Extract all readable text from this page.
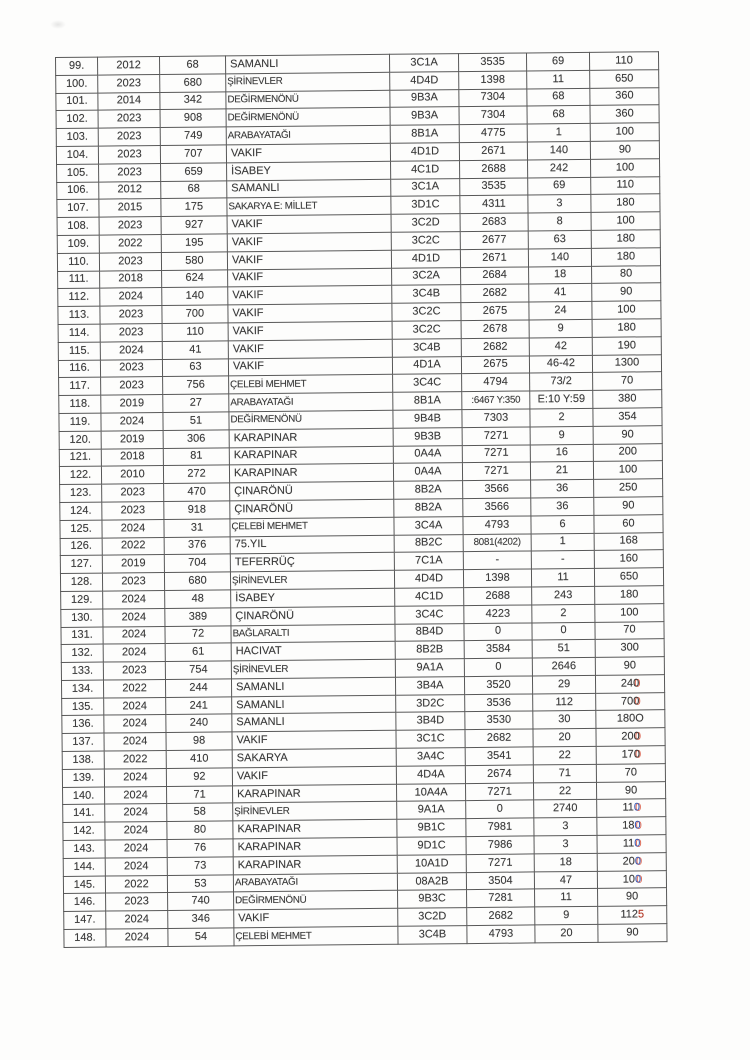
99.	2012	68	SAMANLI	3C1A	3535	69	110
100.	2023	680	ŞİRİNEVLER	4D4D	1398	11	650
101.	2014	342	DEĞİRMENÖNÜ	9B3A	7304	68	360
102.	2023	908	DEĞİRMENÖNÜ	9B3A	7304	68	360
103.	2023	749	ARABAYATAĞI	8B1A	4775	1	100
104.	2023	707	VAKIF	4D1D	2671	140	90
105.	2023	659	İSABEY	4C1D	2688	242	100
106.	2012	68	SAMANLI	3C1A	3535	69	110
107.	2015	175	SAKARYA E: MİLLET	3D1C	4311	3	180
108.	2023	927	VAKIF	3C2D	2683	8	100
109.	2022	195	VAKIF	3C2C	2677	63	180
110.	2023	580	VAKIF	4D1D	2671	140	180
111.	2018	624	VAKIF	3C2A	2684	18	80
112.	2024	140	VAKIF	3C4B	2682	41	90
113.	2023	700	VAKIF	3C2C	2675	24	100
114.	2023	110	VAKIF	3C2C	2678	9	180
115.	2024	41	VAKIF	3C4B	2682	42	190
116.	2023	63	VAKIF	4D1A	2675	46-42	1300
117.	2023	756	ÇELEBİ MEHMET	3C4C	4794	73/2	70
118.	2019	27	ARABAYATAĞI	8B1A	:6467 Y:350	E:10 Y:59	380
119.	2024	51	DEĞİRMENÖNÜ	9B4B	7303	2	354
120.	2019	306	KARAPINAR	9B3B	7271	9	90
121.	2018	81	KARAPINAR	0A4A	7271	16	200
122.	2010	272	KARAPINAR	0A4A	7271	21	100
123.	2023	470	ÇINARÖNÜ	8B2A	3566	36	250
124.	2023	918	ÇINARÖNÜ	8B2A	3566	36	90
125.	2024	31	ÇELEBİ MEHMET	3C4A	4793	6	60
126.	2022	376	75.YIL	8B2C	8081(4202)	1	168
127.	2019	704	TEFERRÜÇ	7C1A	-	-	160
128.	2023	680	ŞİRİNEVLER	4D4D	1398	11	650
129.	2024	48	İSABEY	4C1D	2688	243	180
130.	2024	389	ÇINARÖNÜ	3C4C	4223	2	100
131.	2024	72	BAĞLARALTI	8B4D	0	0	70
132.	2024	61	HACIVAT	8B2B	3584	51	300
133.	2023	754	ŞİRİNEVLER	9A1A	0	2646	90
134.	2022	244	SAMANLI	3B4A	3520	29	240
135.	2024	241	SAMANLI	3D2C	3536	112	700
136.	2024	240	SAMANLI	3B4D	3530	30	180O
137.	2024	98	VAKIF	3C1C	2682	20	200
138.	2022	410	SAKARYA	3A4C	3541	22	170
139.	2024	92	VAKIF	4D4A	2674	71	70
140.	2024	71	KARAPINAR	10A4A	7271	22	90
141.	2024	58	ŞİRİNEVLER	9A1A	0	2740	110
142.	2024	80	KARAPINAR	9B1C	7981	3	180
143.	2024	76	KARAPINAR	9D1C	7986	3	110
144.	2024	73	KARAPINAR	10A1D	7271	18	200
145.	2022	53	ARABAYATAĞI	08A2B	3504	47	100
146.	2023	740	DEĞİRMENÖNÜ	9B3C	7281	11	90
147.	2024	346	VAKIF	3C2D	2682	9	1125
148.	2024	54	ÇELEBİ MEHMET	3C4B	4793	20	90
